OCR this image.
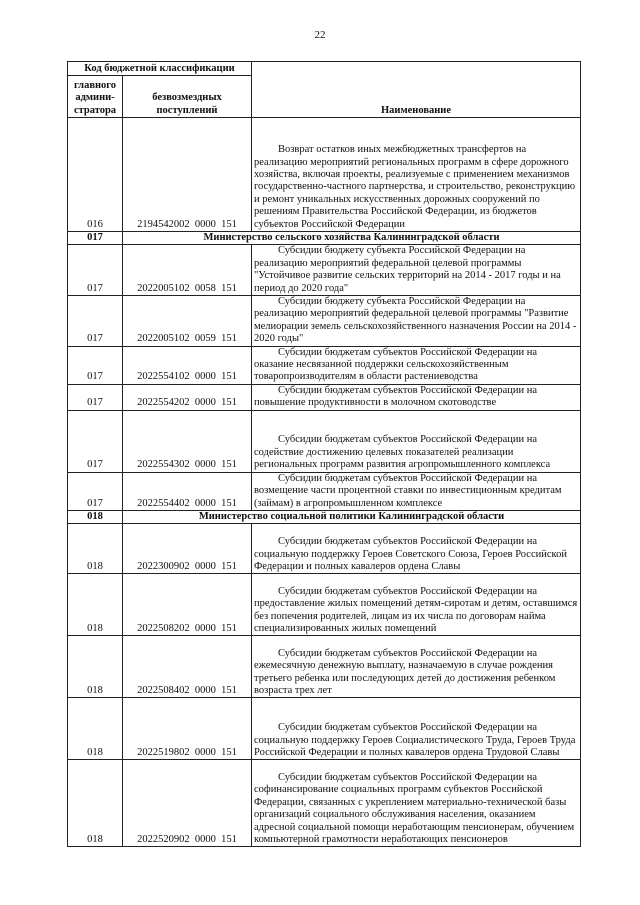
22
Код бюджетной классификации		Наименование
главного админи-стратора	безвозмездных поступлений	
016	2194542002  0000  151	Возврат остатков иных межбюджетных трансфертов на реализацию мероприятий региональных программ в сфере дорожного хозяйства, включая проекты, реализуемые с применением механизмов государственно-частного партнерства, и строительство, реконструкцию и ремонт уникальных искусственных дорожных сооружений по решениям Правительства Российской Федерации, из бюджетов субъектов Российской Федерации
017	Министерство сельского хозяйства Калининградской области	
017	2022005102  0058  151	Субсидии бюджету субъекта Российской Федерации на реализацию мероприятий федеральной целевой программы "Устойчивое развитие сельских территорий на 2014 - 2017 годы и на период до 2020 года"
017	2022005102  0059  151	Субсидии бюджету субъекта Российской Федерации на реализацию мероприятий федеральной целевой программы "Развитие мелиорации земель сельскохозяйственного назначения России на 2014 - 2020 годы"
017	2022554102  0000  151	Субсидии бюджетам субъектов Российской Федерации на оказание несвязанной поддержки сельскохозяйственным товаропроизводителям в области растениеводства
017	2022554202  0000  151	Субсидии бюджетам субъектов Российской Федерации на повышение продуктивности в молочном скотоводстве
017	2022554302  0000  151	Субсидии бюджетам субъектов Российской Федерации на содействие достижению целевых показателей реализации региональных программ развития агропромышленного комплекса
017	2022554402  0000  151	Субсидии бюджетам субъектов Российской Федерации на возмещение части процентной ставки по инвестиционным кредитам (займам) в агропромышленном комплексе
018	Министерство социальной политики Калининградской области	
018	2022300902  0000  151	Субсидии бюджетам субъектов Российской Федерации на социальную поддержку Героев Советского Союза, Героев Российской Федерации и полных кавалеров ордена Славы
018	2022508202  0000  151	Субсидии бюджетам субъектов Российской Федерации на предоставление жилых помещений детям-сиротам и детям, оставшимся без попечения родителей, лицам из их числа по договорам найма специализированных жилых помещений
018	2022508402  0000  151	Субсидии бюджетам субъектов Российской Федерации на ежемесячную денежную выплату, назначаемую в случае рождения третьего ребенка или последующих детей до достижения ребенком возраста трех лет
018	2022519802  0000  151	Субсидии бюджетам субъектов Российской Федерации на социальную поддержку Героев Социалистического Труда, Героев Труда Российской Федерации и полных кавалеров ордена Трудовой Славы
018	2022520902  0000  151	Субсидии бюджетам субъектов Российской Федерации на софинансирование социальных программ субъектов Российской Федерации, связанных с укреплением материально-технической базы организаций социального обслуживания населения, оказанием адресной социальной помощи неработающим пенсионерам, обучением компьютерной грамотности неработающих пенсионеров
